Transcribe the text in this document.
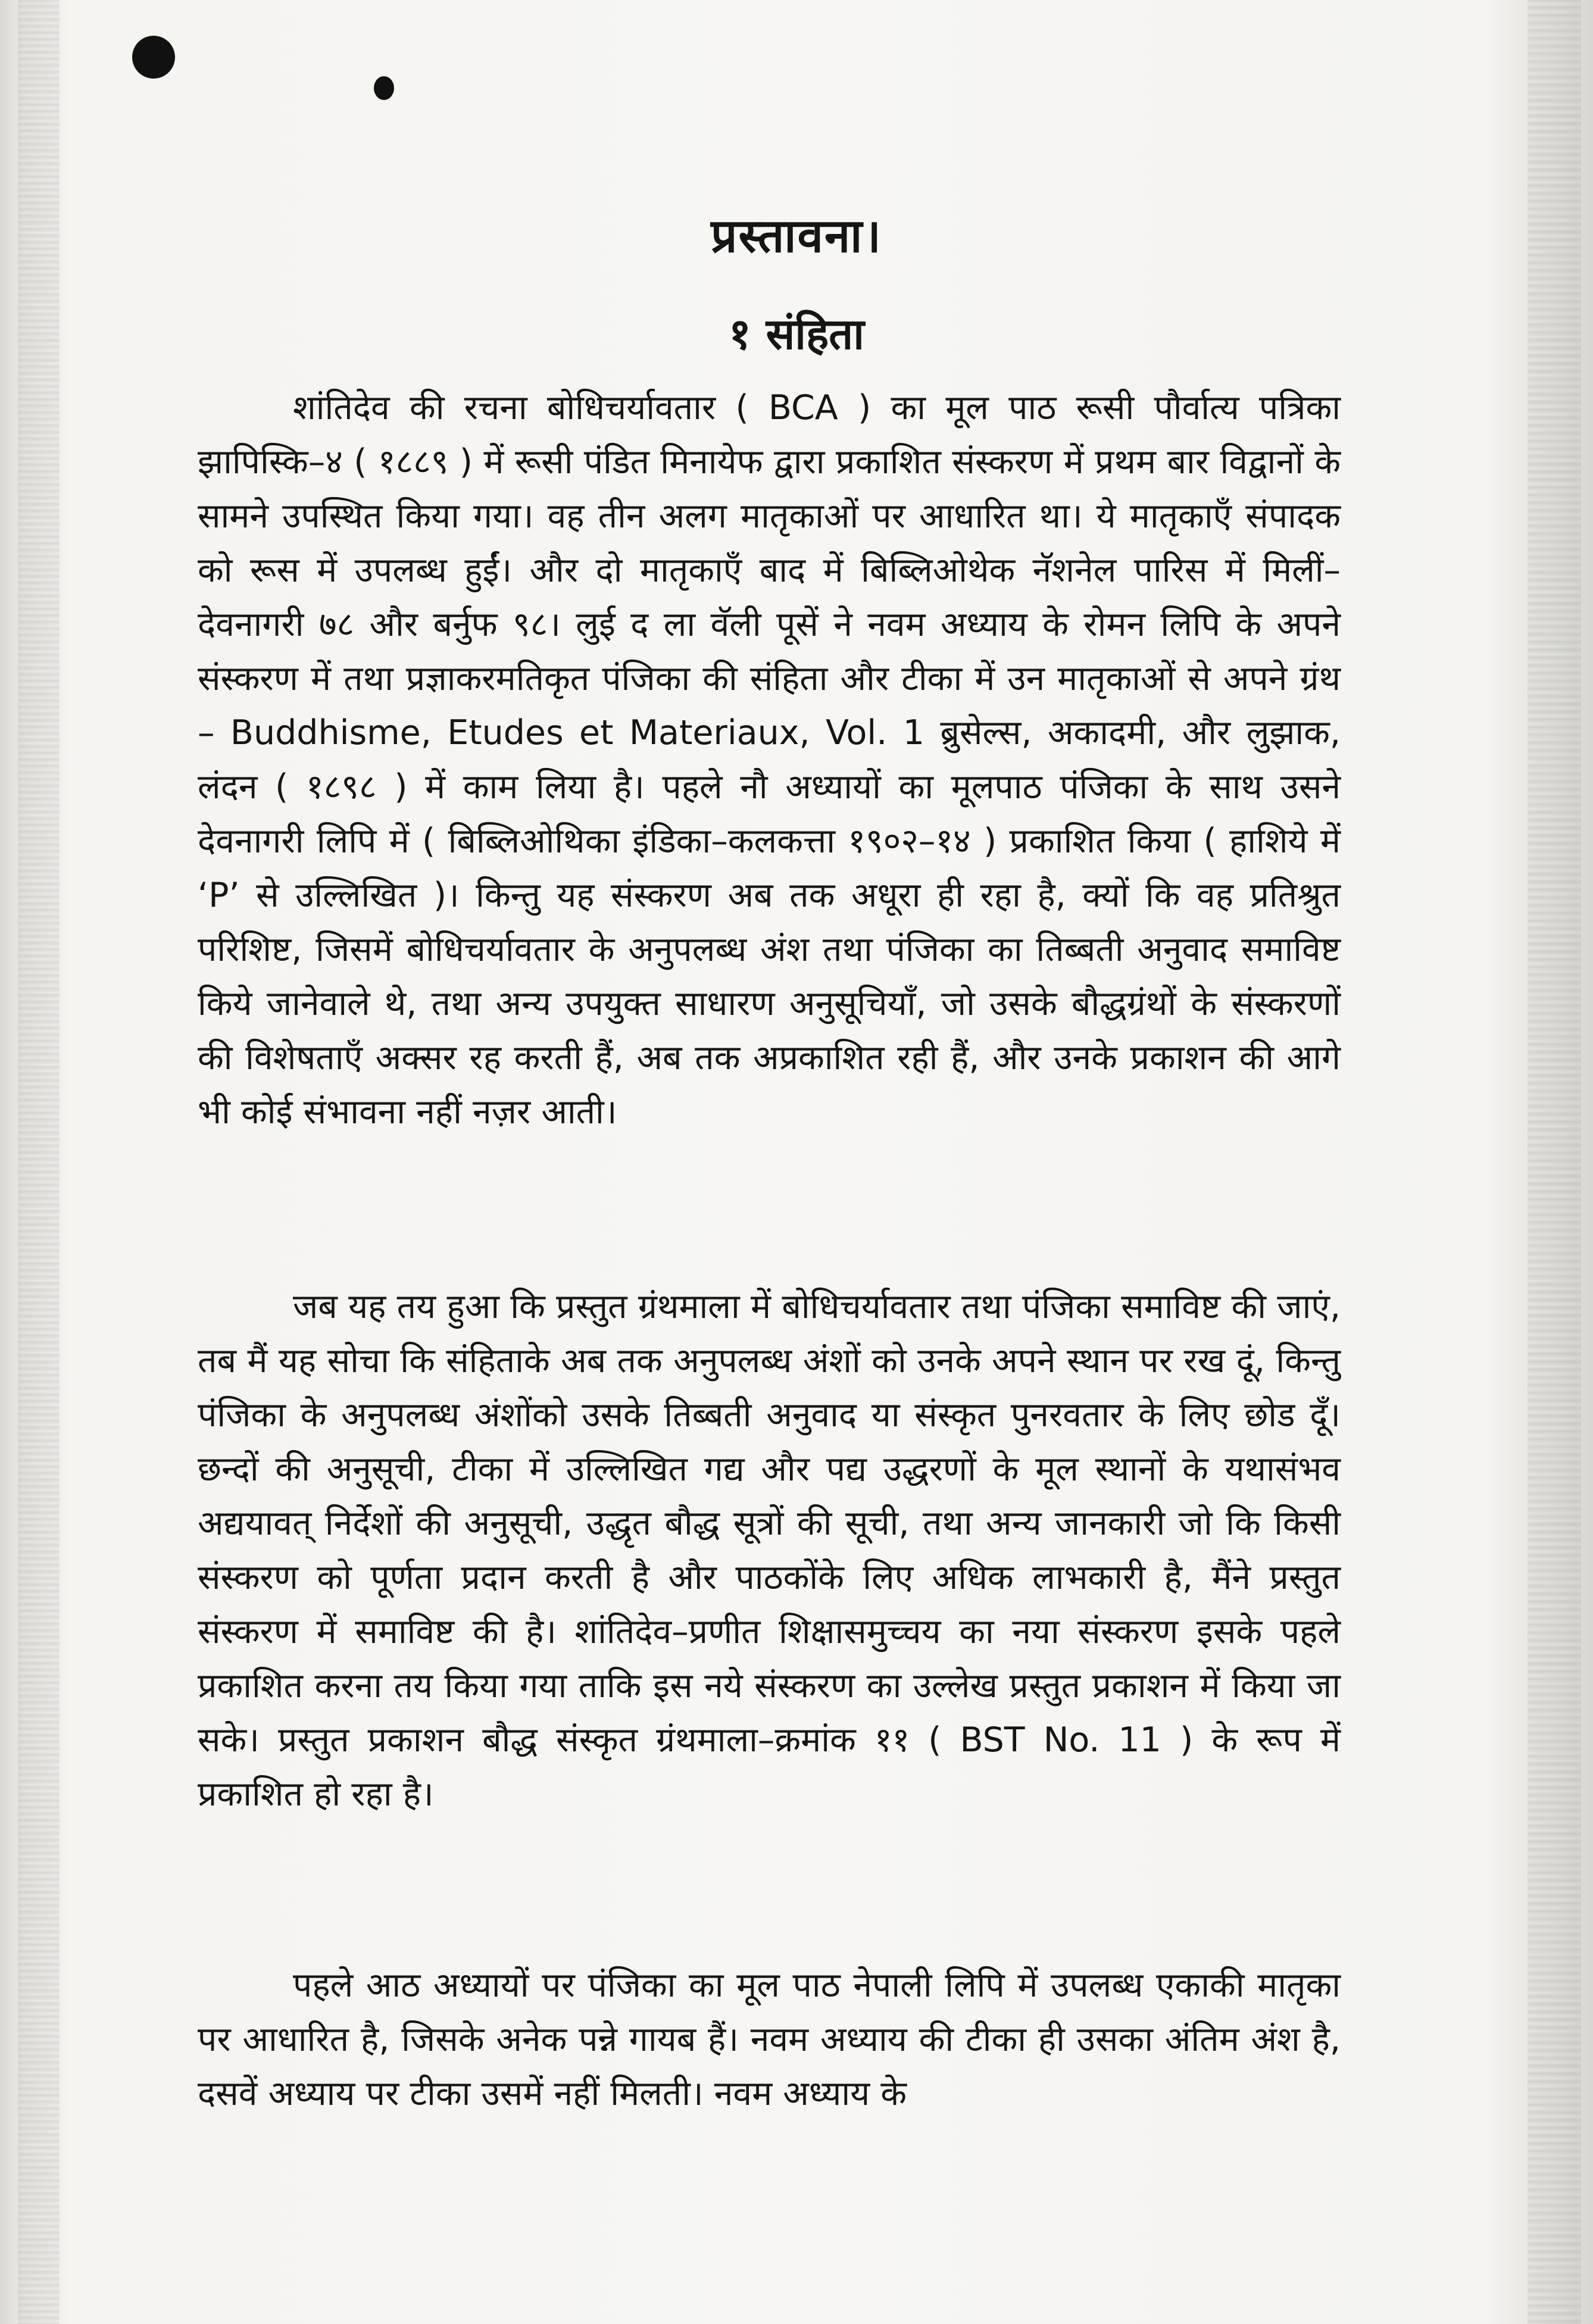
प्रस्तावना।
१ संहिता

शांतिदेव की रचना बोधिचर्यावतार ( BCA ) का मूल पाठ रूसी पौर्वात्य पत्रिका झापिस्कि–४ ( १८८९ ) में रूसी पंडित मिनायेफ द्वारा प्रकाशित संस्करण में प्रथम बार विद्वानों के सामने उपस्थित किया गया। वह तीन अलग मातृकाओं पर आधारित था। ये मातृकाएँ संपादक को रूस में उपलब्ध हुईं। और दो मातृकाएँ बाद में बिब्लिओथेक नॅशनेल पारिस में मिलीं–देवनागरी ७८ और बर्नुफ ९८। लुई द ला वॅली पूसें ने नवम अध्याय के रोमन लिपि के अपने संस्करण में तथा प्रज्ञाकरमतिकृत पंजिका की संहिता और टीका में उन मातृकाओं से अपने ग्रंथ – Buddhisme, Etudes et Materiaux, Vol. 1 ब्रुसेल्स, अकादमी, और लुझाक, लंदन ( १८९८ ) में काम लिया है। पहले नौ अध्यायों का मूलपाठ पंजिका के साथ उसने देवनागरी लिपि में ( बिब्लिओथिका इंडिका–कलकत्ता १९०२–१४ ) प्रकाशित किया ( हाशिये में ‘P’ से उल्लिखित )। किन्तु यह संस्करण अब तक अधूरा ही रहा है, क्यों कि वह प्रतिश्रुत परिशिष्ट, जिसमें बोधिचर्यावतार के अनुपलब्ध अंश तथा पंजिका का तिब्बती अनुवाद समाविष्ट किये जानेवाले थे, तथा अन्य उपयुक्त साधारण अनुसूचियाँ, जो उसके बौद्धग्रंथों के संस्करणों की विशेषताएँ अक्सर रह करती हैं, अब तक अप्रकाशित रही हैं, और उनके प्रकाशन की आगे भी कोई संभावना नहीं नज़र आती।

जब यह तय हुआ कि प्रस्तुत ग्रंथमाला में बोधिचर्यावतार तथा पंजिका समाविष्ट की जाएं, तब मैं यह सोचा कि संहिताके अब तक अनुपलब्ध अंशों को उनके अपने स्थान पर रख दूं, किन्तु पंजिका के अनुपलब्ध अंशोंको उसके तिब्बती अनुवाद या संस्कृत पुनरवतार के लिए छोड दूँ। छन्दों की अनुसूची, टीका में उल्लिखित गद्य और पद्य उद्धरणों के मूल स्थानों के यथासंभव अद्ययावत् निर्देशों की अनुसूची, उद्धृत बौद्ध सूत्रों की सूची, तथा अन्य जानकारी जो कि किसी संस्करण को पूर्णता प्रदान करती है और पाठकोंके लिए अधिक लाभकारी है, मैंने प्रस्तुत संस्करण में समाविष्ट की है। शांतिदेव–प्रणीत शिक्षासमुच्चय का नया संस्करण इसके पहले प्रकाशित करना तय किया गया ताकि इस नये संस्करण का उल्लेख प्रस्तुत प्रकाशन में किया जा सके। प्रस्तुत प्रकाशन बौद्ध संस्कृत ग्रंथमाला–क्रमांक ११ ( BST No. 11 ) के रूप में प्रकाशित हो रहा है।

पहले आठ अध्यायों पर पंजिका का मूल पाठ नेपाली लिपि में उपलब्ध एकाकी मातृका पर आधारित है, जिसके अनेक पन्ने गायब हैं। नवम अध्याय की टीका ही उसका अंतिम अंश है, दसवें अध्याय पर टीका उसमें नहीं मिलती। नवम अध्याय के
